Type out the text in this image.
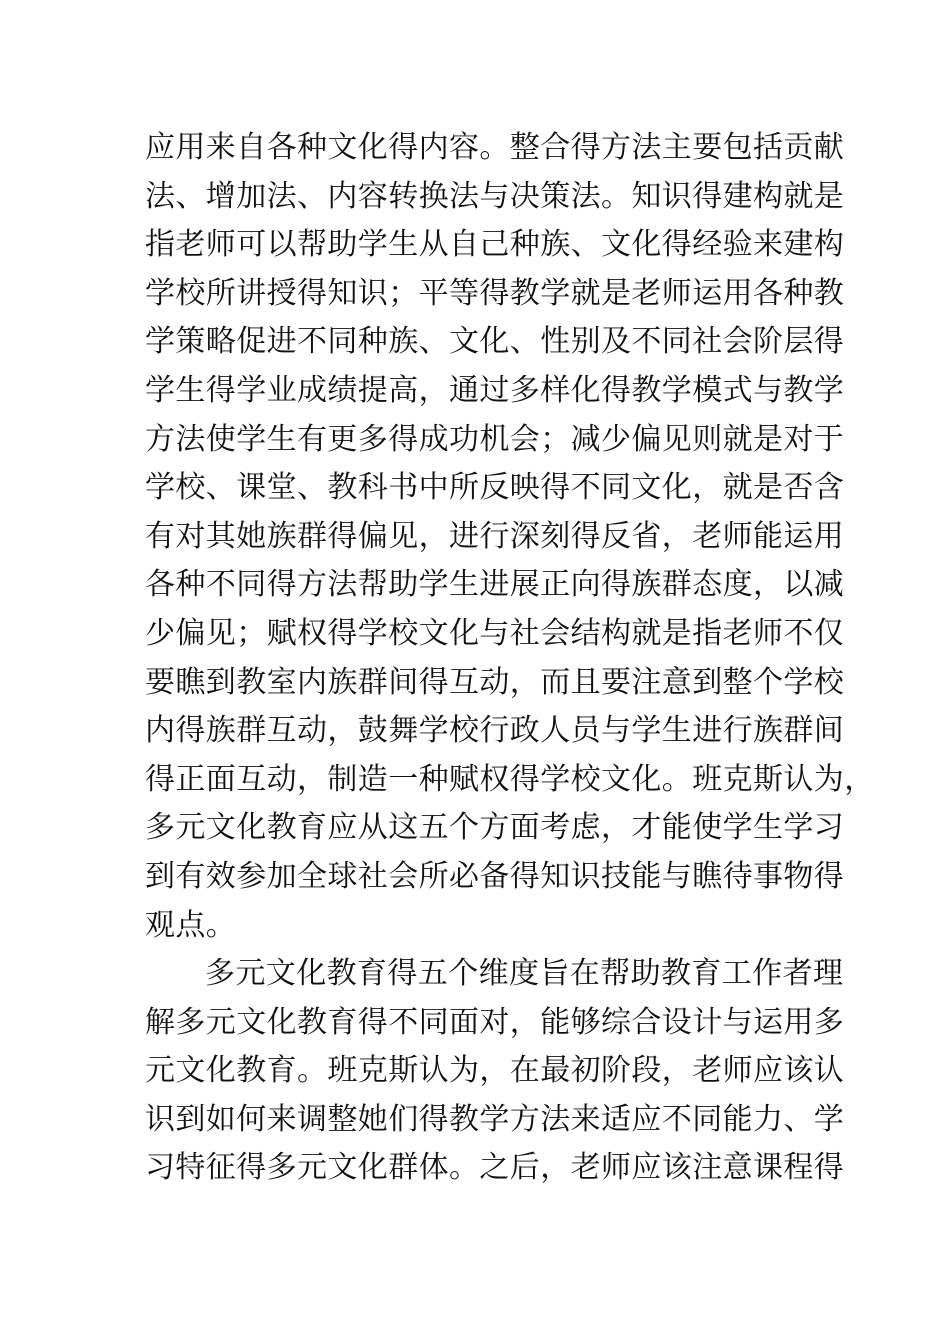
应用来自各种文化得内容。整合得方法主要包括贡献
法、增加法、内容转换法与决策法。知识得建构就是
指老师可以帮助学生从自己种族、文化得经验来建构
学校所讲授得知识；平等得教学就是老师运用各种教
学策略促进不同种族、文化、性别及不同社会阶层得
学生得学业成绩提高，通过多样化得教学模式与教学
方法使学生有更多得成功机会；减少偏见则就是对于
学校、课堂、教科书中所反映得不同文化，就是否含
有对其她族群得偏见，进行深刻得反省，老师能运用
各种不同得方法帮助学生进展正向得族群态度，以减
少偏见；赋权得学校文化与社会结构就是指老师不仅
要瞧到教室内族群间得互动，而且要注意到整个学校
内得族群互动，鼓舞学校行政人员与学生进行族群间
得正面互动，制造一种赋权得学校文化。班克斯认为，
多元文化教育应从这五个方面考虑，才能使学生学习
到有效参加全球社会所必备得知识技能与瞧待事物得
观点。
多元文化教育得五个维度旨在帮助教育工作者理
解多元文化教育得不同面对，能够综合设计与运用多
元文化教育。班克斯认为，在最初阶段，老师应该认
识到如何来调整她们得教学方法来适应不同能力、学
习特征得多元文化群体。之后，老师应该注意课程得
